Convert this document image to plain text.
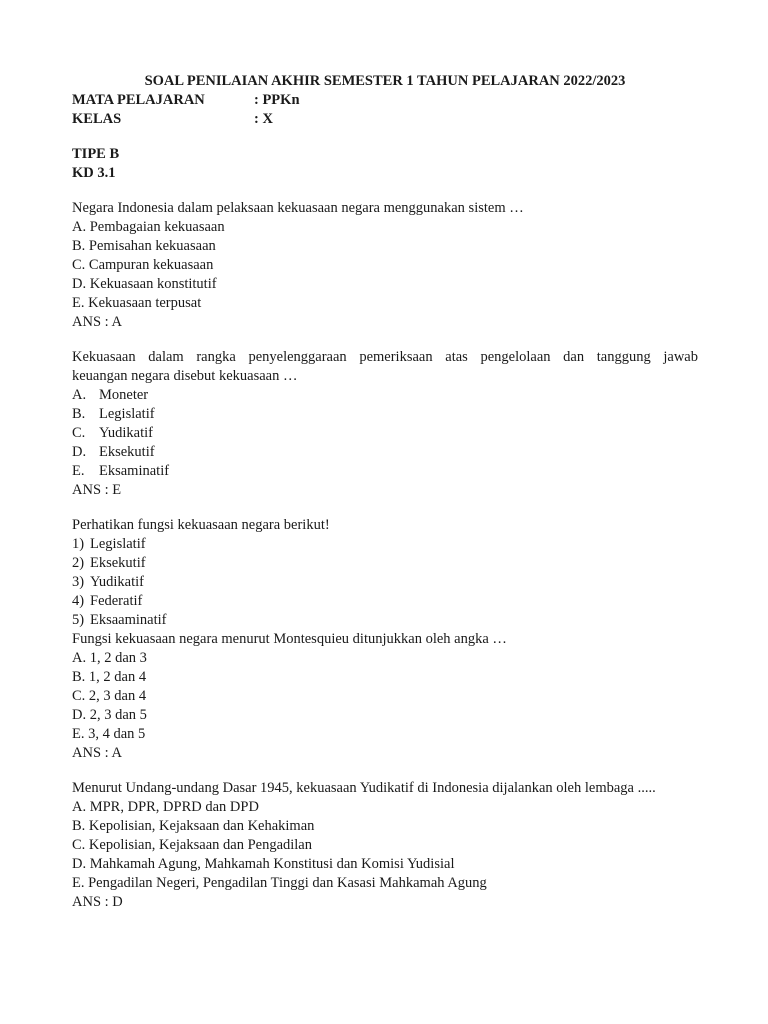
SOAL PENILAIAN AKHIR SEMESTER 1 TAHUN PELAJARAN 2022/2023
MATA PELAJARAN	: PPKn
KELAS	: X
TIPE B
KD 3.1
Negara Indonesia dalam pelaksaan kekuasaan negara menggunakan sistem …
A. Pembagaian kekuasaan
B. Pemisahan kekuasaan
C. Campuran kekuasaan
D. Kekuasaan konstitutif
E. Kekuasaan terpusat
ANS : A
Kekuasaan dalam rangka penyelenggaraan pemeriksaan atas pengelolaan dan tanggung jawab
keuangan negara disebut kekuasaan …
A. Moneter
B. Legislatif
C. Yudikatif
D. Eksekutif
E.	Eksaminatif
ANS : E
Perhatikan fungsi kekuasaan negara berikut!
1) Legislatif
2) Eksekutif
3) Yudikatif
4) Federatif
5) Eksaaminatif
Fungsi kekuasaan negara menurut Montesquieu ditunjukkan oleh angka …
A. 1, 2 dan 3
B. 1, 2 dan 4
C. 2, 3 dan 4
D. 2, 3 dan 5
E. 3, 4 dan 5
ANS : A
Menurut Undang-undang Dasar 1945, kekuasaan Yudikatif di Indonesia dijalankan oleh lembaga .....
A. MPR, DPR, DPRD dan DPD
B. Kepolisian, Kejaksaan dan Kehakiman
C. Kepolisian, Kejaksaan dan Pengadilan
D. Mahkamah Agung, Mahkamah Konstitusi dan Komisi Yudisial
E. Pengadilan Negeri, Pengadilan Tinggi dan Kasasi Mahkamah Agung
ANS : D
